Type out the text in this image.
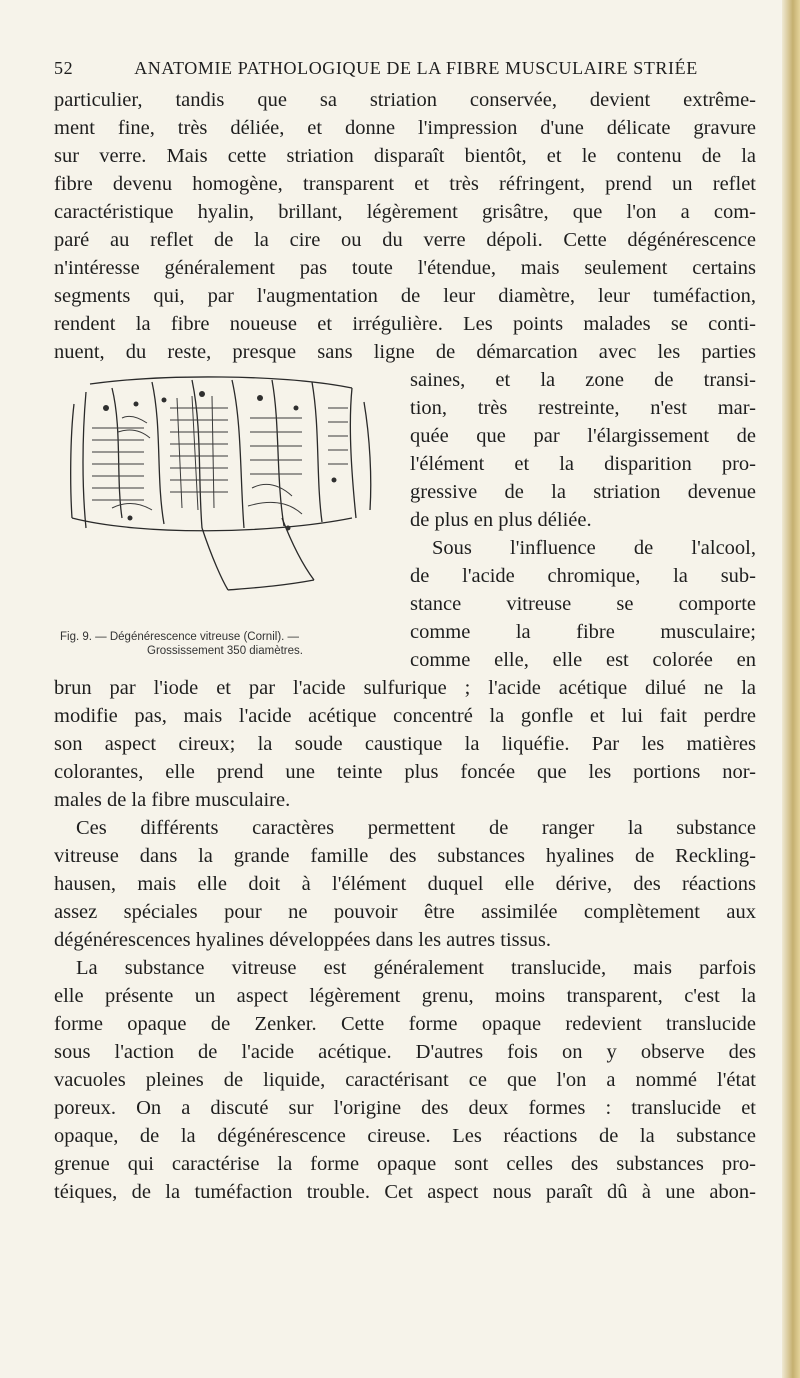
52	ANATOMIE PATHOLOGIQUE DE LA FIBRE MUSCULAIRE STRIÉE
particulier, tandis que sa striation conservée, devient extrême-
ment fine, très déliée, et donne l'impression d'une délicate gravure
sur verre. Mais cette striation disparaît bientôt, et le contenu de la
fibre devenu homogène, transparent et très réfringent, prend un reflet
caractéristique hyalin, brillant, légèrement grisâtre, que l'on a com-
paré au reflet de la cire ou du verre dépoli. Cette dégénérescence
n'intéresse généralement pas toute l'étendue, mais seulement certains
segments qui, par l'augmentation de leur diamètre, leur tuméfaction,
rendent la fibre noueuse et irrégulière. Les points malades se conti-
nuent, du reste, presque sans ligne de démarcation avec les parties
Fig. 9. — Dégénérescence vitreuse (Cornil). —
Grossissement 350 diamètres.
saines, et la zone de transi-
tion, très restreinte, n'est mar-
quée que par l'élargissement de
l'élément et la disparition pro-
gressive de la striation devenue
de plus en plus déliée.
Sous l'influence de l'alcool,
de l'acide chromique, la sub-
stance vitreuse se comporte
comme la fibre musculaire;
comme elle, elle est colorée en
brun par l'iode et par l'acide sulfurique ; l'acide acétique dilué ne la
modifie pas, mais l'acide acétique concentré la gonfle et lui fait perdre
son aspect cireux; la soude caustique la liquéfie. Par les matières
colorantes, elle prend une teinte plus foncée que les portions nor-
males de la fibre musculaire.
Ces différents caractères permettent de ranger la substance
vitreuse dans la grande famille des substances hyalines de Reckling-
hausen, mais elle doit à l'élément duquel elle dérive, des réactions
assez spéciales pour ne pouvoir être assimilée complètement aux
dégénérescences hyalines développées dans les autres tissus.
La substance vitreuse est généralement translucide, mais parfois
elle présente un aspect légèrement grenu, moins transparent, c'est la
forme opaque de Zenker. Cette forme opaque redevient translucide
sous l'action de l'acide acétique. D'autres fois on y observe des
vacuoles pleines de liquide, caractérisant ce que l'on a nommé l'état
poreux. On a discuté sur l'origine des deux formes : translucide et
opaque, de la dégénérescence cireuse. Les réactions de la substance
grenue qui caractérise la forme opaque sont celles des substances pro-
téiques, de la tuméfaction trouble. Cet aspect nous paraît dû à une abon-
